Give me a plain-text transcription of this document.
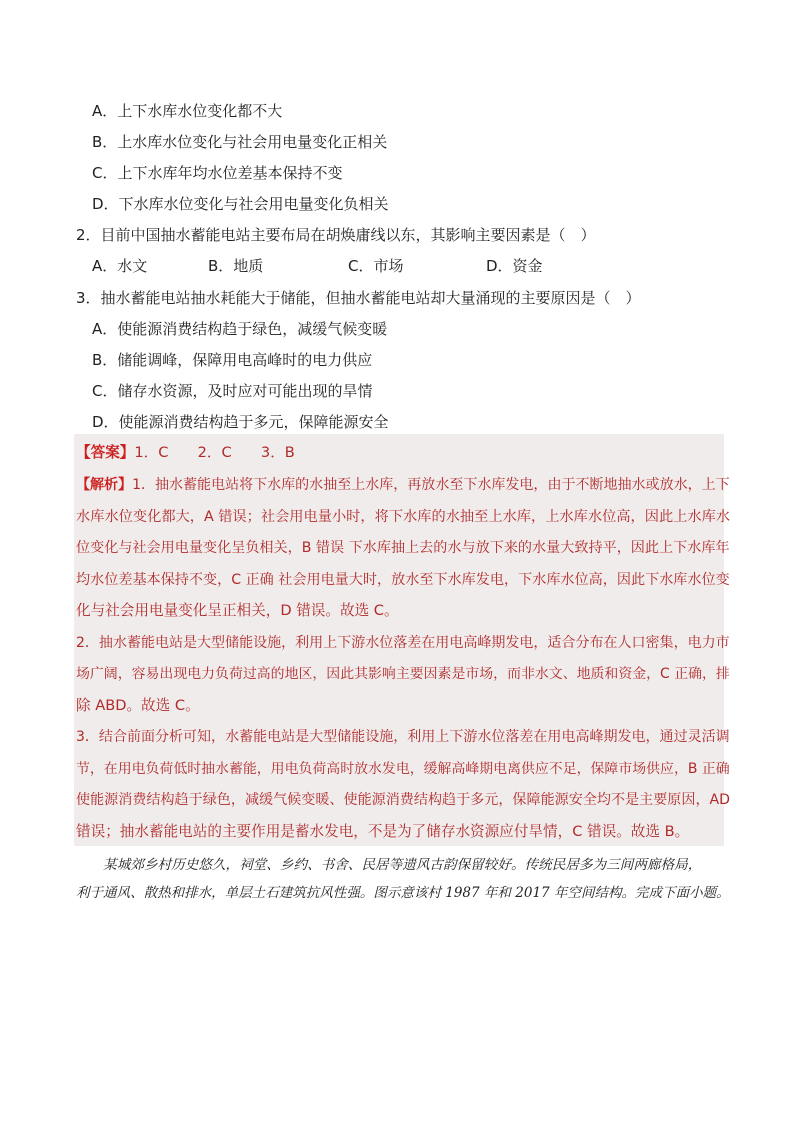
A．上下水库水位变化都不大
B．上水库水位变化与社会用电量变化正相关
C．上下水库年均水位差基本保持不变
D．下水库水位变化与社会用电量变化负相关
2．目前中国抽水蓄能电站主要布局在胡焕庸线以东，其影响主要因素是（　）
A．水文	B．地质	C．市场	D．资金
3．抽水蓄能电站抽水耗能大于储能，但抽水蓄能电站却大量涌现的主要原因是（　）
A．使能源消费结构趋于绿色，减缓气候变暖
B．储能调峰，保障用电高峰时的电力供应
C．储存水资源，及时应对可能出现的旱情
D．使能源消费结构趋于多元，保障能源安全
【答案】1．C　　2．C　　3．B
【解析】1．抽水蓄能电站将下水库的水抽至上水库，再放水至下水库发电，由于不断地抽水或放水，上下
水库水位变化都大，A 错误；社会用电量小时，将下水库的水抽至上水库，上水库水位高，因此上水库水
位变化与社会用电量变化呈负相关，B 错误 下水库抽上去的水与放下来的水量大致持平，因此上下水库年
均水位差基本保持不变，C 正确 社会用电量大时，放水至下水库发电，下水库水位高，因此下水库水位变
化与社会用电量变化呈正相关，D 错误。故选 C。
2．抽水蓄能电站是大型储能设施，利用上下游水位落差在用电高峰期发电，适合分布在人口密集，电力市
场广阔，容易出现电力负荷过高的地区，因此其影响主要因素是市场，而非水文、地质和资金，C 正确，排
除 ABD。故选 C。
3．结合前面分析可知，水蓄能电站是大型储能设施，利用上下游水位落差在用电高峰期发电，通过灵活调
节，在用电负荷低时抽水蓄能，用电负荷高时放水发电，缓解高峰期电离供应不足，保障市场供应，B 正确
使能源消费结构趋于绿色，减缓气候变暖、使能源消费结构趋于多元，保障能源安全均不是主要原因，AD
错误；抽水蓄能电站的主要作用是蓄水发电，不是为了储存水资源应付旱情，C 错误。故选 B。
　　某城郊乡村历史悠久，祠堂、乡约、书舍、民居等遗风古韵保留较好。传统民居多为三间两廊格局，
利于通风、散热和排水，单层土石建筑抗风性强。图示意该村 1987 年和 2017 年空间结构。完成下面小题。
